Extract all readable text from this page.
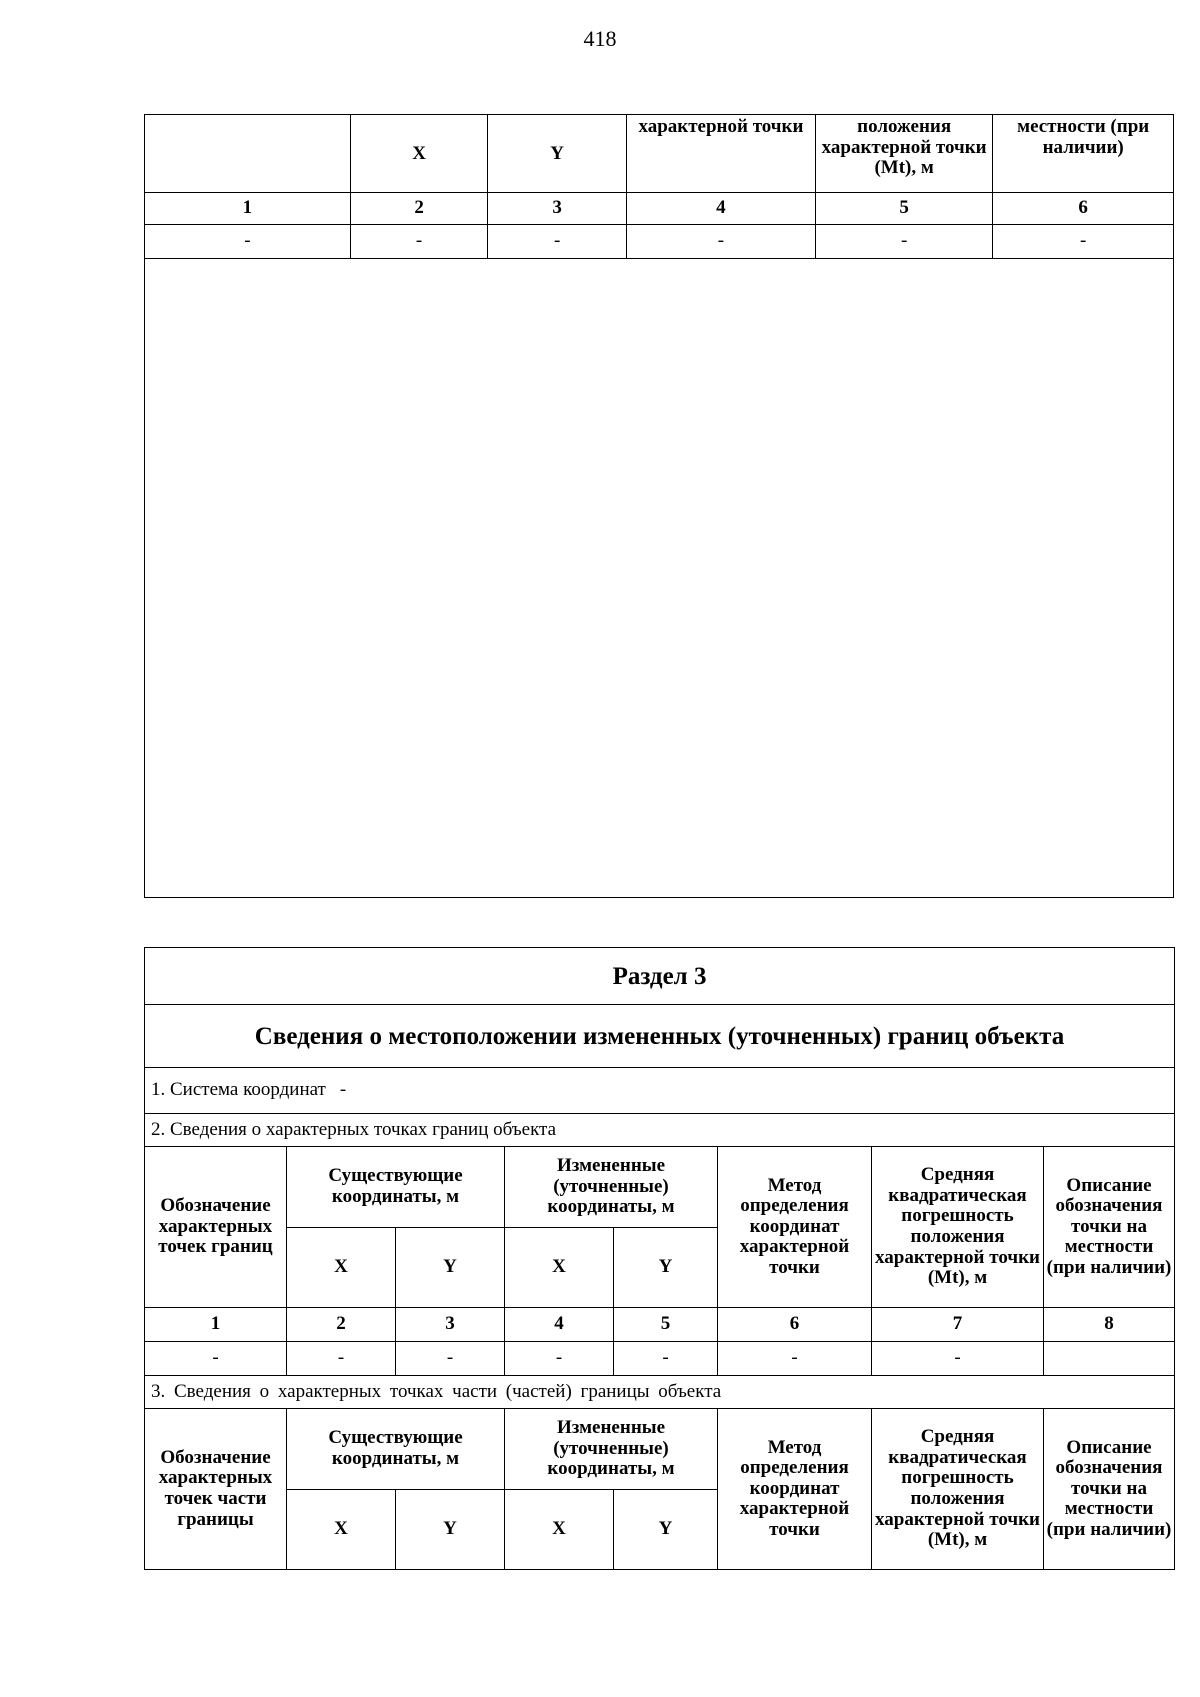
418
	X	Y	характерной точки	положения характерной точки (Mt), м	местности (при наличии)
1	2	3	4	5	6
-	-	-	-	-	-

Раздел 3							
Сведения о местоположении измененных (уточненных) границ объекта							
1. Система координат -							
2. Сведения о характерных точках границ объекта							
Обозначение характерных точек границ	Существующие координаты, м		Измененные (уточненные) координаты, м		Метод определения координат характерной точки	Средняя квадратическая погрешность положения характерной точки (Mt), м	Описание обозначения точки на местности (при наличии)
	X	Y	X	Y			
1	2	3	4	5	6	7	8
-	-	-	-	-	-	-	
3. Сведения о характерных точках части (частей) границы объекта							
Обозначение характерных точек части границы	Существующие координаты, м		Измененные (уточненные) координаты, м		Метод определения координат характерной точки	Средняя квадратическая погрешность положения характерной точки (Mt), м	Описание обозначения точки на местности (при наличии)
	X	Y	X	Y			
